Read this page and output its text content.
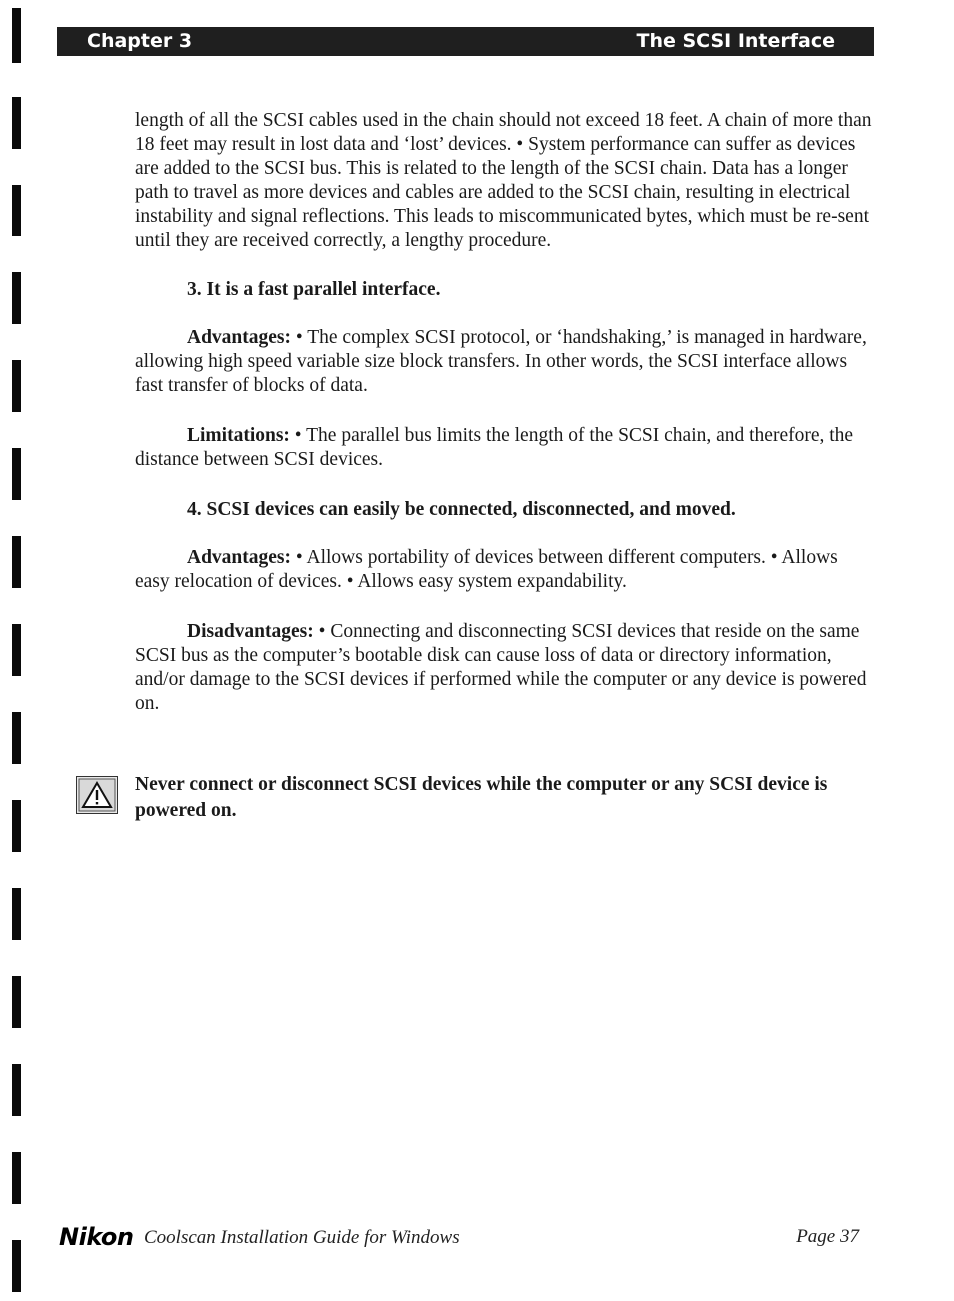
Chapter 3	The SCSI Interface

length of all the SCSI cables used in the chain should not exceed 18 feet. A chain of more than 18 feet may result in lost data and ‘lost’ devices. • System performance can suffer as devices are added to the SCSI bus. This is related to the length of the SCSI chain. Data has a longer path to travel as more devices and cables are added to the SCSI chain, resulting in electrical instability and signal reflections. This leads to miscommunicated bytes, which must be re-sent until they are received correctly, a lengthy procedure.

3. It is a fast parallel interface.

Advantages: • The complex SCSI protocol, or ‘handshaking,’ is managed in hardware, allowing high speed variable size block transfers. In other words, the SCSI interface allows fast transfer of blocks of data.

Limitations: • The parallel bus limits the length of the SCSI chain, and therefore, the distance between SCSI devices.

4. SCSI devices can easily be connected, disconnected, and moved.

Advantages: • Allows portability of devices between different computers. • Allows easy relocation of devices. • Allows easy system expandability.

Disadvantages: • Connecting and disconnecting SCSI devices that reside on the same SCSI bus as the computer’s bootable disk can cause loss of data or directory information, and/or damage to the SCSI devices if performed while the computer or any device is powered on.

Never connect or disconnect SCSI devices while the computer or any SCSI device is powered on.

Nikon Coolscan Installation Guide for Windows	Page 37
